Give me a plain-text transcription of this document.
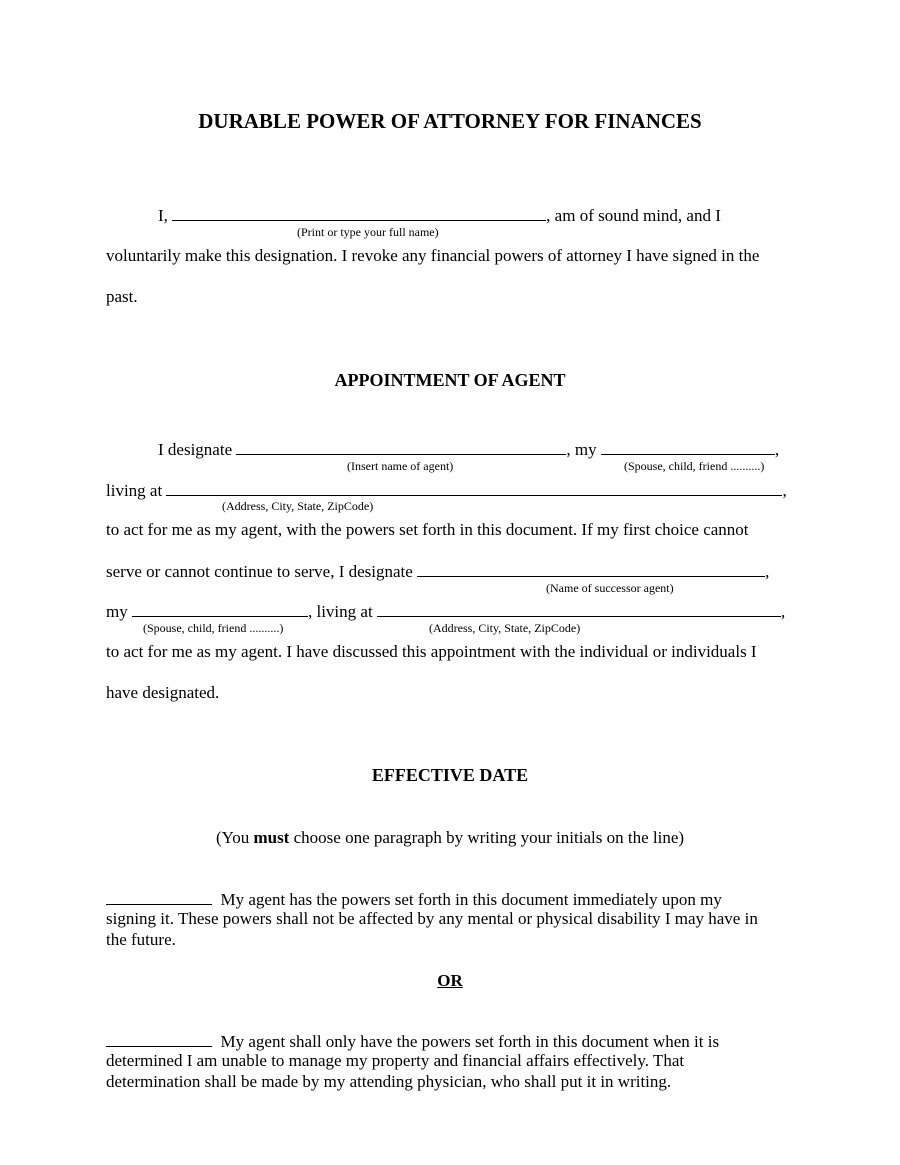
DURABLE POWER OF ATTORNEY FOR FINANCES
I,	, am of sound mind, and I
(Print or type your full name)
voluntarily make this designation. I revoke any financial powers of attorney I have signed in the
past.
APPOINTMENT OF AGENT
I designate	, my	,
(Insert name of agent)	(Spouse, child, friend ..........)
living at	,
(Address, City, State, ZipCode)
to act for me as my agent, with the powers set forth in this document. If my first choice cannot
serve or cannot continue to serve, I designate	,
(Name of successor agent)
my	, living at	,
(Spouse, child, friend ..........)	(Address, City, State, ZipCode)
to act for me as my agent. I have discussed this appointment with the individual or individuals I
have designated.
EFFECTIVE DATE
(You must choose one paragraph by writing your initials on the line)
My agent has the powers set forth in this document immediately upon my
signing it. These powers shall not be affected by any mental or physical disability I may have in
the future.
OR
My agent shall only have the powers set forth in this document when it is
determined I am unable to manage my property and financial affairs effectively. That
determination shall be made by my attending physician, who shall put it in writing.
